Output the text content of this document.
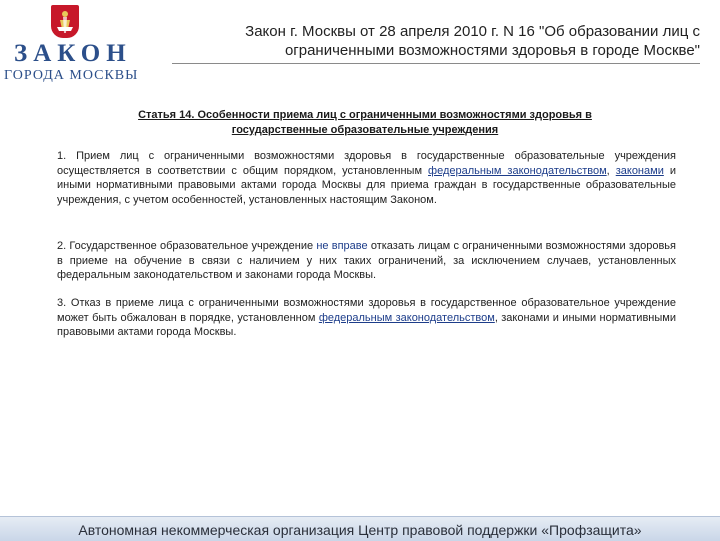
ЗАКОН
ГОРОДА МОСКВЫ
Закон г. Москвы от 28 апреля 2010 г. N 16 "Об образовании лиц с
ограниченными возможностями здоровья в городе Москве"
Статья 14. Особенности приема лиц с ограниченными возможностями здоровья в
государственные образовательные учреждения
1. Прием лиц с ограниченными возможностями здоровья в государственные образовательные учреждения осуществляется в соответствии с общим порядком, установленным федеральным законодательством, законами и иными нормативными правовыми актами города Москвы для приема граждан в государственные образовательные учреждения, с учетом особенностей, установленных настоящим Законом.
2. Государственное образовательное учреждение не вправе отказать лицам с ограниченными возможностями здоровья в приеме на обучение в связи с наличием у них таких ограничений, за исключением случаев, установленных федеральным законодательством и законами города Москвы.
3. Отказ в приеме лица с ограниченными возможностями здоровья в государственное образовательное учреждение может быть обжалован в порядке, установленном федеральным законодательством, законами и иными нормативными правовыми актами города Москвы.
Автономная некоммерческая организация Центр правовой поддержки «Профзащита»
